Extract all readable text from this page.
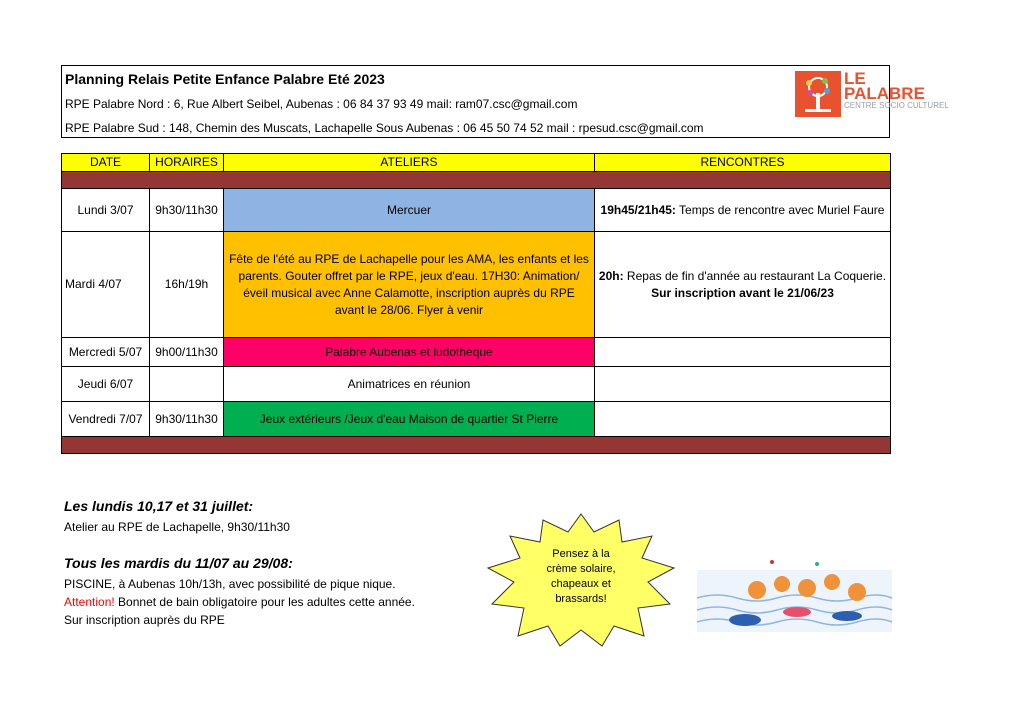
Planning Relais Petite Enfance Palabre Eté 2023
RPE Palabre Nord : 6, Rue Albert Seibel, Aubenas : 06 84 37 93 49 mail: ram07.csc@gmail.com
RPE Palabre Sud : 148, Chemin des Muscats, Lachapelle Sous Aubenas : 06 45 50 74 52 mail : rpesud.csc@gmail.com
LE
PALABRE
CENTRE SOCIO CULTUREL
DATE	HORAIRES	ATELIERS	RENCONTRES

Lundi 3/07	9h30/11h30	Mercuer	19h45/21h45: Temps de rencontre avec Muriel Faure
Mardi 4/07	16h/19h	Fête de l'été au RPE de Lachapelle pour les AMA, les enfants et les parents. Gouter offret par le RPE, jeux d'eau. 17H30: Animation/éveil musical avec Anne Calamotte, inscription auprès du RPE avant le 28/06. Flyer à venir	20h: Repas de fin d'année au restaurant La Coquerie.
Sur inscription avant le 21/06/23
Mercredi 5/07	9h00/11h30	Palabre Aubenas et ludothèque	
Jeudi 6/07		Animatrices en réunion	
Vendredi 7/07	9h30/11h30	Jeux extérieurs /Jeux d'eau Maison de quartier St Pierre	

Les lundis 10,17 et 31 juillet:
Atelier au RPE de Lachapelle, 9h30/11h30
Tous les mardis du 11/07 au 29/08:
PISCINE, à Aubenas 10h/13h, avec possibilité de pique nique.
Attention! Bonnet de bain obligatoire pour les adultes cette année.
Sur inscription auprès du RPE
Pensez à la
crème solaire,
chapeaux et
brassards!
